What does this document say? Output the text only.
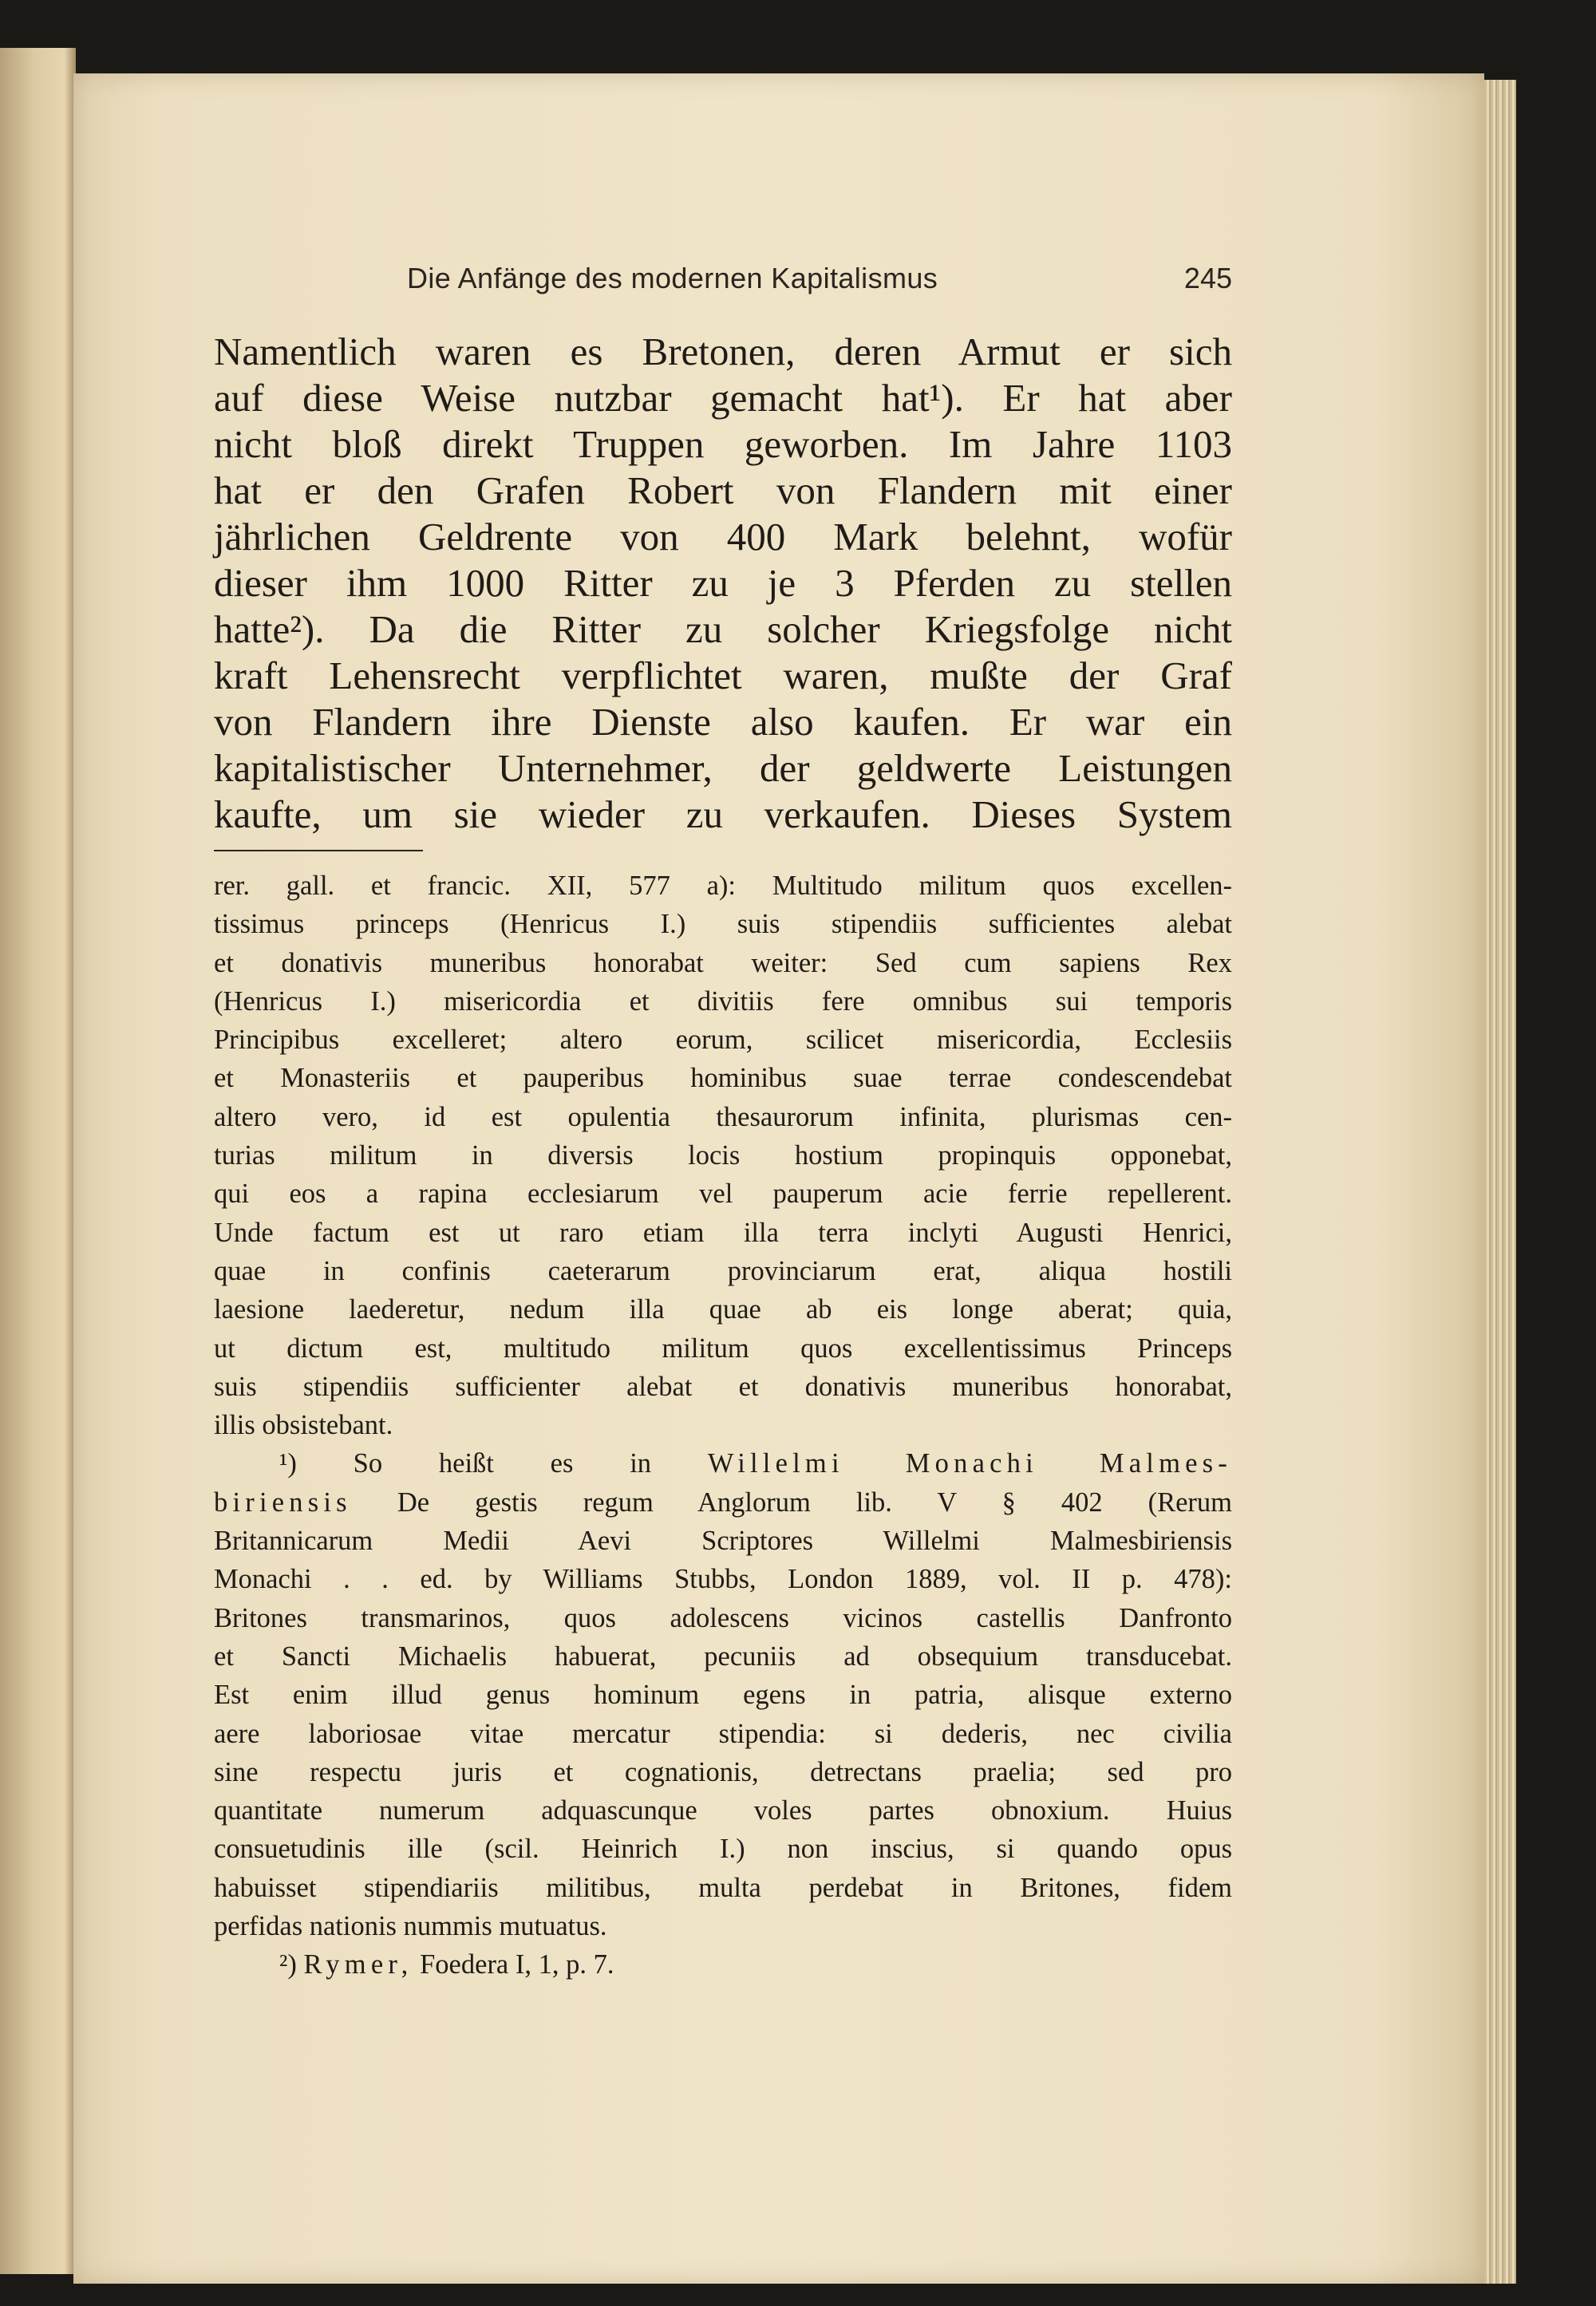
Die Anfänge des modernen Kapitalismus	245
Namentlich waren es Bretonen, deren Armut er sich
auf diese Weise nutzbar gemacht hat¹). Er hat aber
nicht bloß direkt Truppen geworben. Im Jahre 1103
hat er den Grafen Robert von Flandern mit einer
jährlichen Geldrente von 400 Mark belehnt, wofür
dieser ihm 1000 Ritter zu je 3 Pferden zu stellen
hatte²). Da die Ritter zu solcher Kriegsfolge nicht
kraft Lehensrecht verpflichtet waren, mußte der Graf
von Flandern ihre Dienste also kaufen. Er war ein
kapitalistischer Unternehmer, der geldwerte Leistungen
kaufte, um sie wieder zu verkaufen. Dieses System
rer. gall. et francic. XII, 577 a): Multitudo militum quos excellen-
tissimus princeps (Henricus I.) suis stipendiis sufficientes alebat
et donativis muneribus honorabat weiter: Sed cum sapiens Rex
(Henricus I.) misericordia et divitiis fere omnibus sui temporis
Principibus excelleret; altero eorum, scilicet misericordia, Ecclesiis
et Monasteriis et pauperibus hominibus suae terrae condescendebat
altero vero, id est opulentia thesaurorum infinita, plurismas cen-
turias militum in diversis locis hostium propinquis opponebat,
qui eos a rapina ecclesiarum vel pauperum acie ferrie repellerent.
Unde factum est ut raro etiam illa terra inclyti Augusti Henrici,
quae in confinis caeterarum provinciarum erat, aliqua hostili
laesione laederetur, nedum illa quae ab eis longe aberat; quia,
ut dictum est, multitudo militum quos excellentissimus Princeps
suis stipendiis sufficienter alebat et donativis muneribus honorabat,
illis obsistebant.
¹) So heißt es in Willelmi Monachi Malmes-
biriensis De gestis regum Anglorum lib. V § 402 (Rerum
Britannicarum Medii Aevi Scriptores Willelmi Malmesbiriensis
Monachi . . ed. by Williams Stubbs, London 1889, vol. II p. 478):
Britones transmarinos, quos adolescens vicinos castellis Danfronto
et Sancti Michaelis habuerat, pecuniis ad obsequium transducebat.
Est enim illud genus hominum egens in patria, alisque externo
aere laboriosae vitae mercatur stipendia: si dederis, nec civilia
sine respectu juris et cognationis, detrectans praelia; sed pro
quantitate numerum adquascunque voles partes obnoxium. Huius
consuetudinis ille (scil. Heinrich I.) non inscius, si quando opus
habuisset stipendiariis militibus, multa perdebat in Britones, fidem
perfidas nationis nummis mutuatus.
²) Rymer, Foedera I, 1, p. 7.
